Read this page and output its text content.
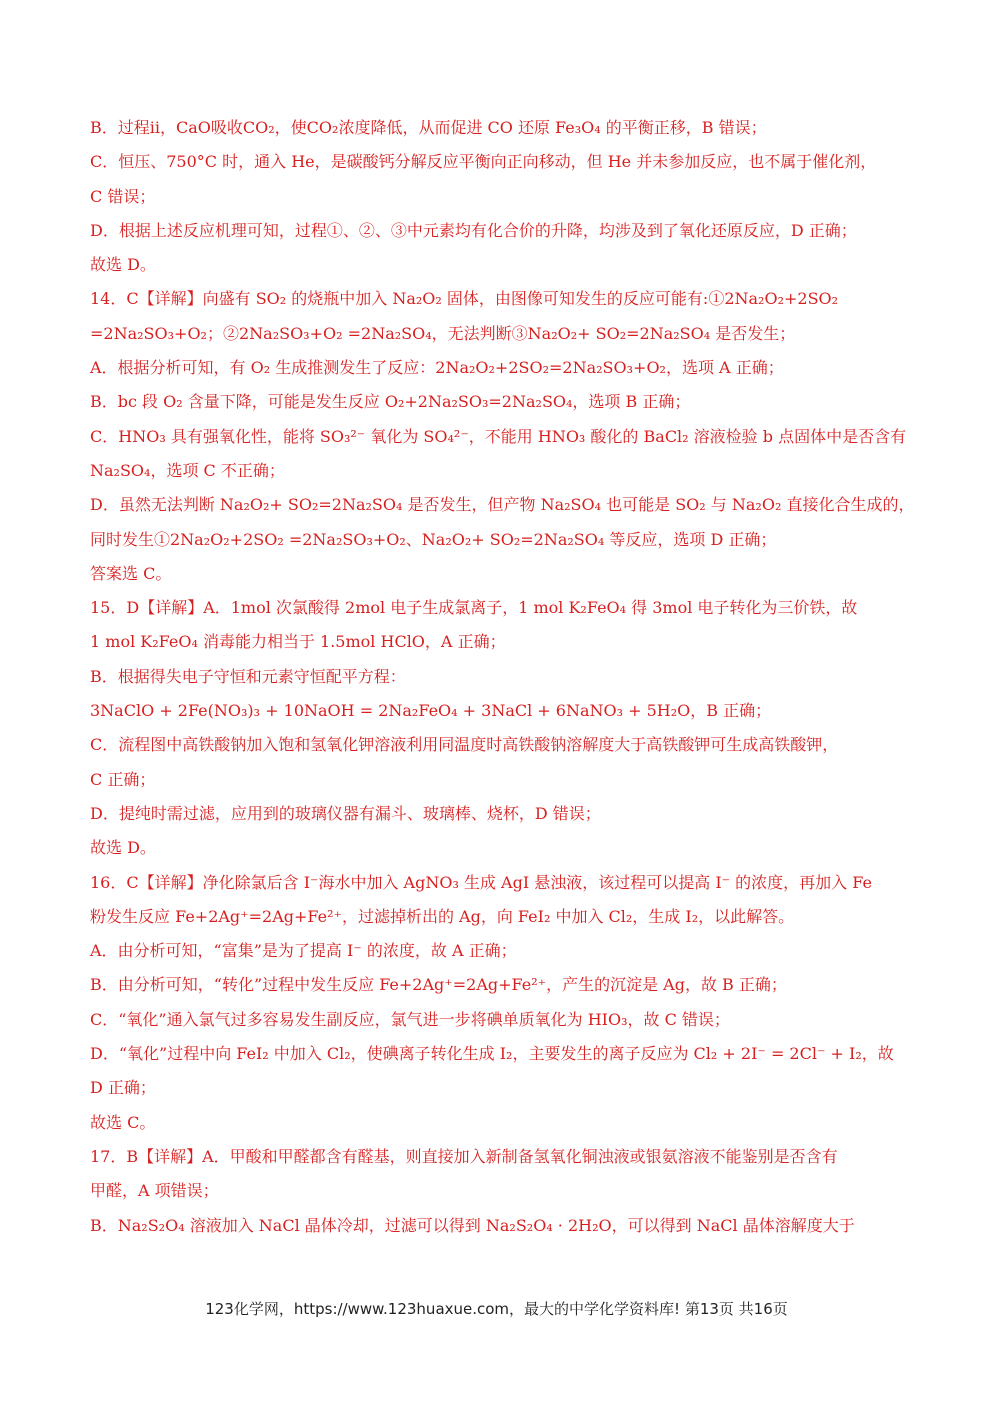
B．过程ⅱ，CaO吸收CO₂，使CO₂浓度降低，从而促进 CO 还原 Fe₃O₄ 的平衡正移，B 错误；
C．恒压、750°C 时，通入 He，是碳酸钙分解反应平衡向正向移动，但 He 并未参加反应，也不属于催化剂，
C 错误；
D．根据上述反应机理可知，过程①、②、③中元素均有化合价的升降，均涉及到了氧化还原反应，D 正确；
故选 D。
14．C【详解】向盛有 SO₂ 的烧瓶中加入 Na₂O₂ 固体，由图像可知发生的反应可能有:①2Na₂O₂+2SO₂
=2Na₂SO₃+O₂；②2Na₂SO₃+O₂ =2Na₂SO₄，无法判断③Na₂O₂+ SO₂=2Na₂SO₄ 是否发生；
A．根据分析可知，有 O₂ 生成推测发生了反应：2Na₂O₂+2SO₂=2Na₂SO₃+O₂，选项 A 正确；
B．bc 段 O₂ 含量下降，可能是发生反应 O₂+2Na₂SO₃=2Na₂SO₄，选项 B 正确；
C．HNO₃ 具有强氧化性，能将 SO₃²⁻ 氧化为 SO₄²⁻，不能用 HNO₃ 酸化的 BaCl₂ 溶液检验 b 点固体中是否含有
Na₂SO₄，选项 C 不正确；
D．虽然无法判断 Na₂O₂+ SO₂=2Na₂SO₄ 是否发生，但产物 Na₂SO₄ 也可能是 SO₂ 与 Na₂O₂ 直接化合生成的，
同时发生①2Na₂O₂+2SO₂ =2Na₂SO₃+O₂、Na₂O₂+ SO₂=2Na₂SO₄ 等反应，选项 D 正确；
答案选 C。
15．D【详解】A．1mol 次氯酸得 2mol 电子生成氯离子，1 mol K₂FeO₄ 得 3mol 电子转化为三价铁，故
1 mol K₂FeO₄ 消毒能力相当于 1.5mol HClO，A 正确；
B．根据得失电子守恒和元素守恒配平方程：
3NaClO + 2Fe(NO₃)₃ + 10NaOH = 2Na₂FeO₄ + 3NaCl + 6NaNO₃ + 5H₂O，B 正确；
C．流程图中高铁酸钠加入饱和氢氧化钾溶液利用同温度时高铁酸钠溶解度大于高铁酸钾可生成高铁酸钾，
C 正确；
D．提纯时需过滤，应用到的玻璃仪器有漏斗、玻璃棒、烧杯，D 错误；
故选 D。
16．C【详解】净化除氯后含 I⁻海水中加入 AgNO₃ 生成 AgI 悬浊液，该过程可以提高 I⁻ 的浓度，再加入 Fe
粉发生反应 Fe+2Ag⁺=2Ag+Fe²⁺，过滤掉析出的 Ag，向 FeI₂ 中加入 Cl₂，生成 I₂，以此解答。
A．由分析可知，“富集”是为了提高 I⁻ 的浓度，故 A 正确；
B．由分析可知，“转化”过程中发生反应 Fe+2Ag⁺=2Ag+Fe²⁺，产生的沉淀是 Ag，故 B 正确；
C．“氧化”通入氯气过多容易发生副反应，氯气进一步将碘单质氧化为 HIO₃，故 C 错误；
D．“氧化”过程中向 FeI₂ 中加入 Cl₂，使碘离子转化生成 I₂，主要发生的离子反应为 Cl₂ + 2I⁻ = 2Cl⁻ + I₂，故
D 正确；
故选 C。
17．B【详解】A．甲酸和甲醛都含有醛基，则直接加入新制备氢氧化铜浊液或银氨溶液不能鉴别是否含有
甲醛，A 项错误；
B．Na₂S₂O₄ 溶液加入 NaCl 晶体冷却，过滤可以得到 Na₂S₂O₄ · 2H₂O，可以得到 NaCl 晶体溶解度大于
123化学网，https://www.123huaxue.com，最大的中学化学资料库! 第13页 共16页
